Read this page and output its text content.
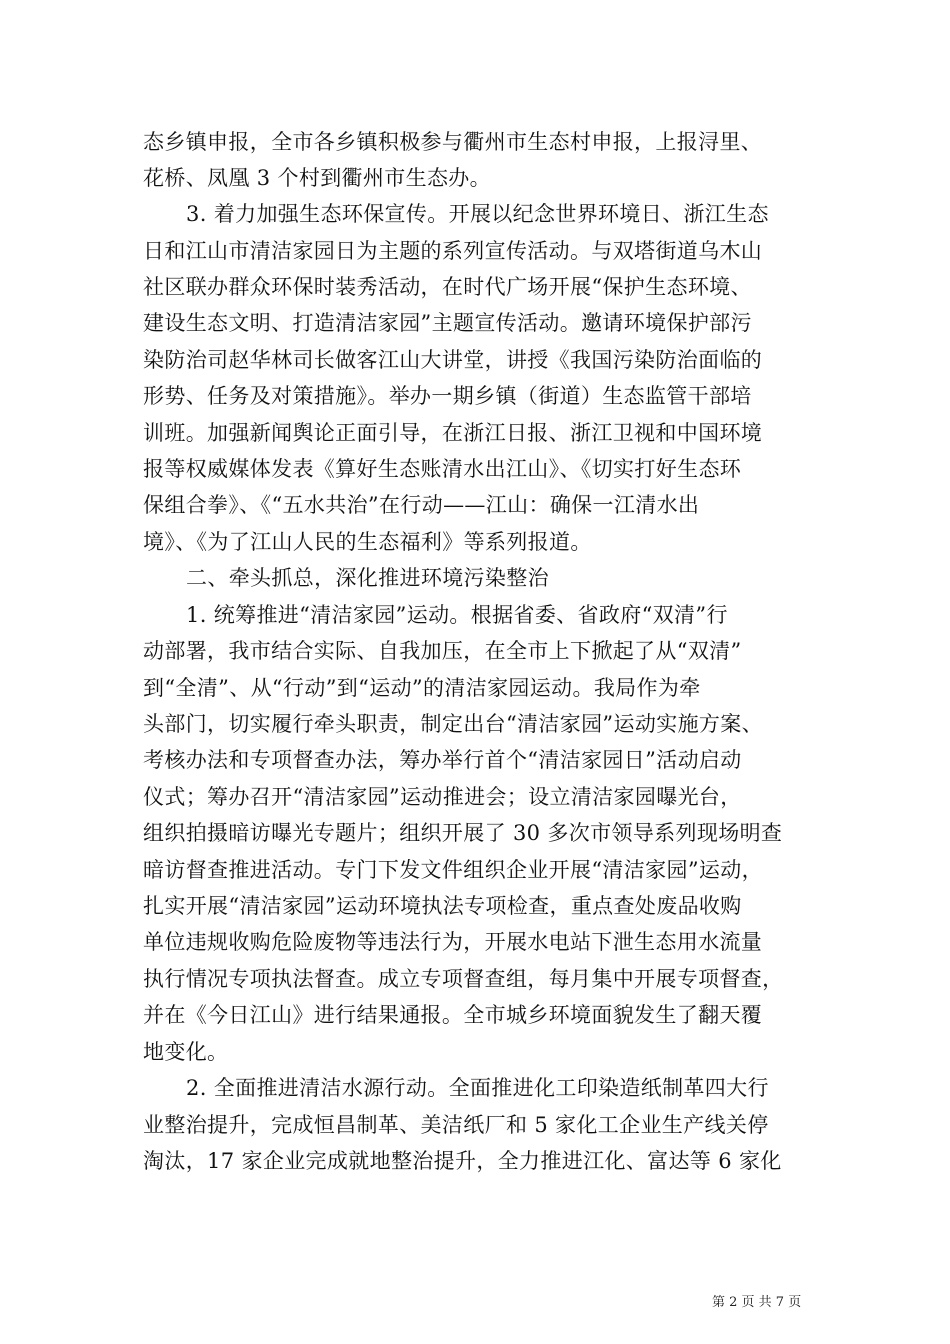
态乡镇申报，全市各乡镇积极参与衢州市生态村申报，上报浔里、
花桥、凤凰 3 个村到衢州市生态办。
3. 着力加强生态环保宣传。开展以纪念世界环境日、浙江生态
日和江山市清洁家园日为主题的系列宣传活动。与双塔街道乌木山
社区联办群众环保时装秀活动，在时代广场开展“保护生态环境、
建设生态文明、打造清洁家园”主题宣传活动。邀请环境保护部污
染防治司赵华林司长做客江山大讲堂，讲授《我国污染防治面临的
形势、任务及对策措施》。举办一期乡镇（街道）生态监管干部培
训班。加强新闻舆论正面引导，在浙江日报、浙江卫视和中国环境
报等权威媒体发表《算好生态账清水出江山》、《切实打好生态环
保组合拳》、《“五水共治”在行动——江山：确保一江清水出
境》、《为了江山人民的生态福利》等系列报道。
二、牵头抓总，深化推进环境污染整治
1. 统筹推进“清洁家园”运动。根据省委、省政府“双清”行
动部署，我市结合实际、自我加压，在全市上下掀起了从“双清”
到“全清”、从“行动”到“运动”的清洁家园运动。我局作为牵
头部门，切实履行牵头职责，制定出台“清洁家园”运动实施方案、
考核办法和专项督查办法，筹办举行首个“清洁家园日”活动启动
仪式；筹办召开“清洁家园”运动推进会；设立清洁家园曝光台，
组织拍摄暗访曝光专题片；组织开展了 30 多次市领导系列现场明查
暗访督查推进活动。专门下发文件组织企业开展“清洁家园”运动，
扎实开展“清洁家园”运动环境执法专项检查，重点查处废品收购
单位违规收购危险废物等违法行为，开展水电站下泄生态用水流量
执行情况专项执法督查。成立专项督查组，每月集中开展专项督查，
并在《今日江山》进行结果通报。全市城乡环境面貌发生了翻天覆
地变化。
2. 全面推进清洁水源行动。全面推进化工印染造纸制革四大行
业整治提升，完成恒昌制革、美洁纸厂和 5 家化工企业生产线关停
淘汰，17 家企业完成就地整治提升，全力推进江化、富达等 6 家化
第 2 页 共 7 页
